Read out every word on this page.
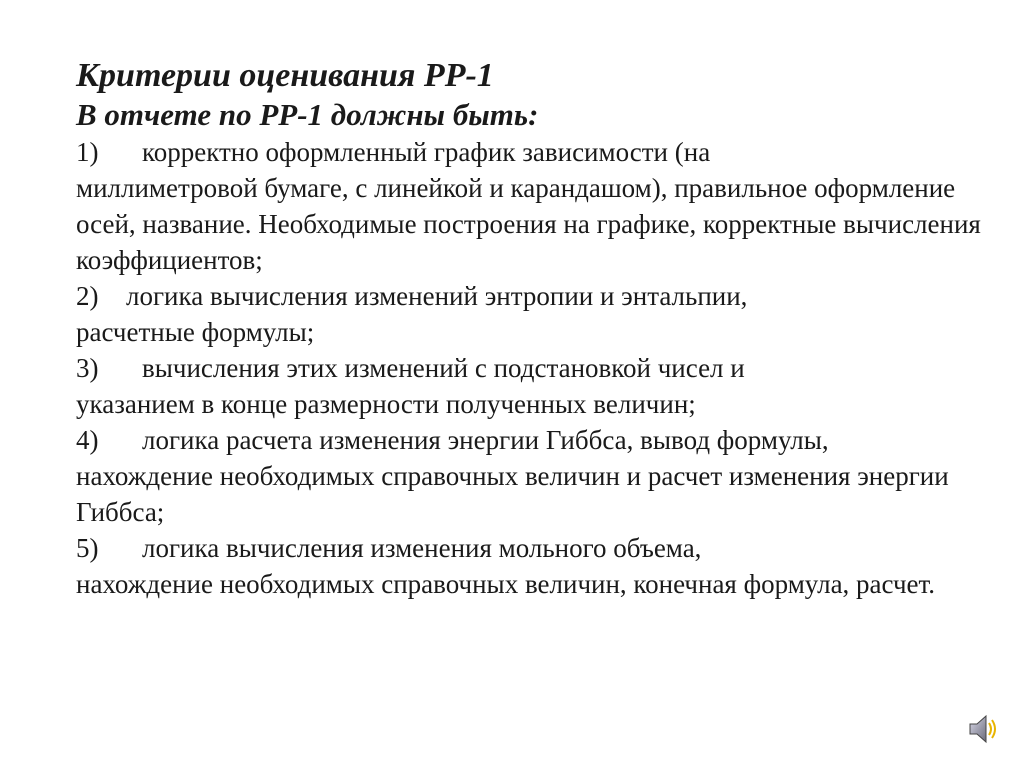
Критерии оценивания РР-1

В отчете по РР-1 должны быть:

1) корректно оформленный график зависимости (на
миллиметровой бумаге, с линейкой и карандашом), правильное оформление осей, название. Необходимые построения на графике, корректные вычисления коэффициентов;

2) логика вычисления изменений энтропии и энтальпии,
расчетные формулы;

3) вычисления этих изменений с подстановкой чисел и
указанием в конце размерности полученных величин;

4) логика расчета изменения энергии Гиббса, вывод формулы,
нахождение необходимых справочных величин и расчет изменения энергии Гиббса;

5) логика вычисления изменения мольного объема,
нахождение необходимых справочных величин, конечная формула, расчет.
